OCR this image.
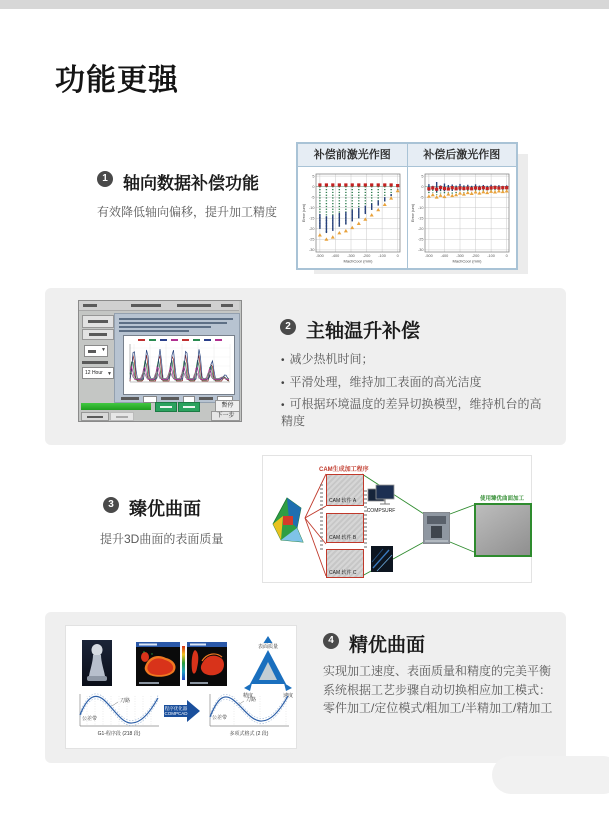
功能更强
1 轴向数据补偿功能
有效降低轴向偏移，提升加工精度
补偿前激光作图	补偿后激光作图
-500 -400 -300 -200 -100	0
5
0
-5
-10
-15
-20
-25
-30
MachCoor (mm)
Error (um)
-500 -400 -300 -200 -100	0
5
0
-5
-10
-15
-20
-25
-30
MachCoor (mm)
Error (um)
▼
12 Hour ▼
暫停
下一步
2 主轴温升补偿
• 减少热机时间；
• 平滑处理，维持加工表面的高光洁度
• 可根据环境温度的差异切换模型，维持机台的高精度
3 臻优曲面
提升3D曲面的表面质量
CAM生成加工程序
CAM 软件 A
CAM 软件 B
CAM 软件 C
COMPSURF
使用臻优曲面加工
表面质量
精度	速度
刀路
公差带
G1-程序段 (218 段)
程序优化器
COMPCAD
刀路
公差带
多项式格式 (2 段)
4 精优曲面
实现加工速度、表面质量和精度的完美平衡
系统根据工艺步骤自动切换相应加工模式：
零件加工/定位模式/粗加工/半精加工/精加工
